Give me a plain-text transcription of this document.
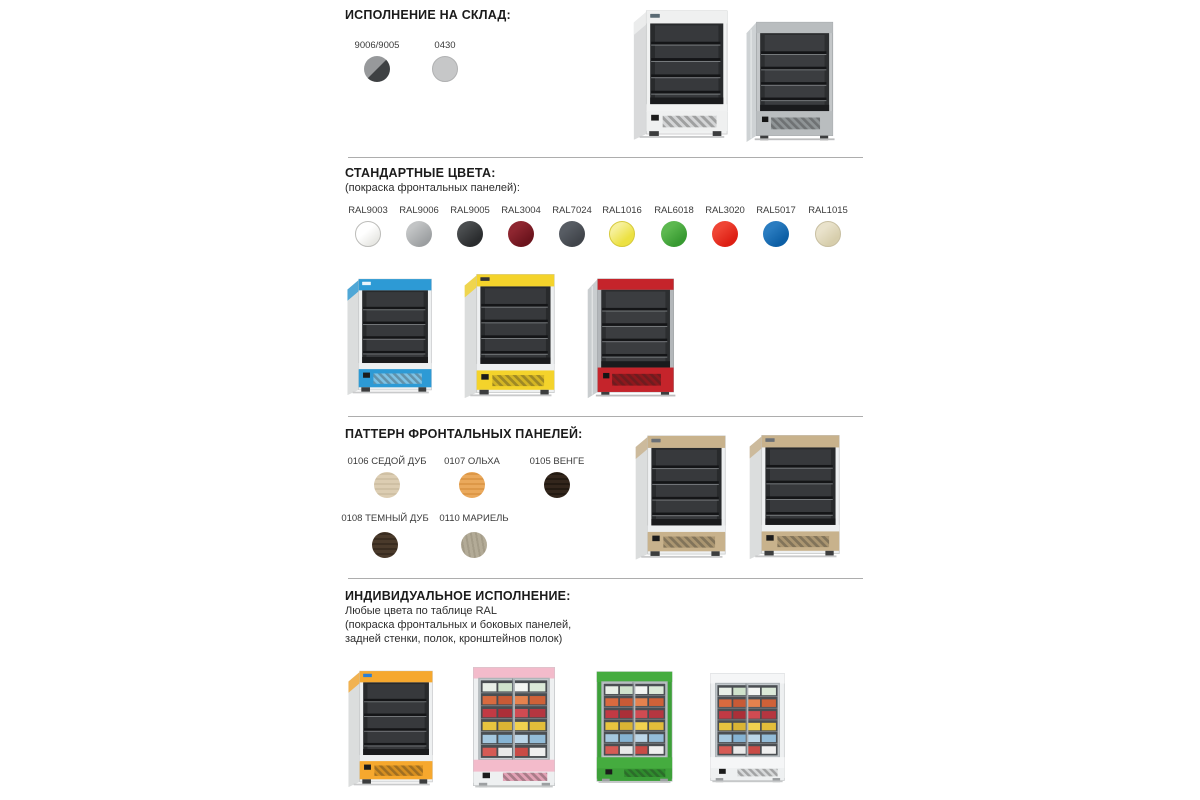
ИСПОЛНЕНИЕ НА СКЛАД:
9006/9005	0430
СТАНДАРТНЫЕ ЦВЕТА:
(покраска фронтальных панелей):
RAL9003	RAL9006	RAL9005	RAL3004	RAL7024	RAL1016	RAL6018	RAL3020	RAL5017	RAL1015
ПАТТЕРН ФРОНТАЛЬНЫХ ПАНЕЛЕЙ:
0106 СЕДОЙ ДУБ	0107 ОЛЬХА	0105 ВЕНГЕ
0108 ТЕМНЫЙ ДУБ	0110 МАРИЕЛЬ
ИНДИВИДУАЛЬНОЕ ИСПОЛНЕНИЕ:
Любые цвета по таблице RAL
(покраска фронтальных и боковых панелей,
задней стенки, полок, кронштейнов полок)
